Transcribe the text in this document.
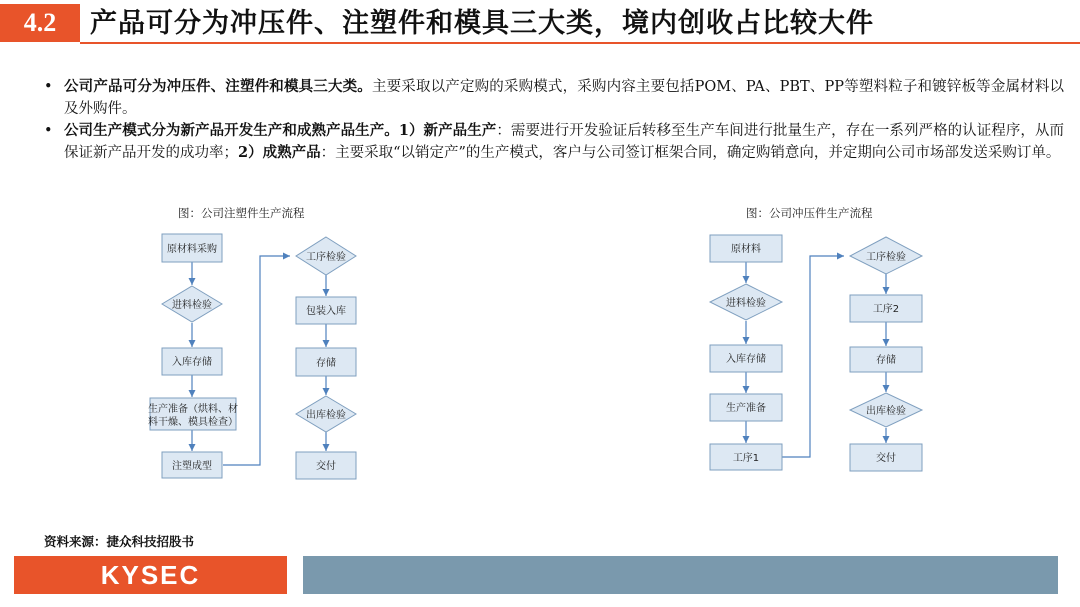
4.2	产品可分为冲压件、注塑件和模具三大类，境内创收占比较大件
• 公司产品可分为冲压件、注塑件和模具三大类。主要采取以产定购的采购模式，采购内容主要包括POM、PA、PBT、PP等塑料粒子和镀锌板等金属材料以及外购件。
• 公司生产模式分为新产品开发生产和成熟产品生产。1）新产品生产：需要进行开发验证后转移至生产车间进行批量生产，存在一系列严格的认证程序，从而保证新产品开发的成功率；2）成熟产品：主要采取“以销定产”的生产模式，客户与公司签订框架合同，确定购销意向，并定期向公司市场部发送采购订单。
图：公司注塑件生产流程
原材料采购
进料检验
入库存储
生产准备（烘料、材
料干燥、模具检查）
注塑成型
工序检验
包装入库
存储
出库检验
交付
图：公司冲压件生产流程
原材料
进料检验
入库存储
生产准备
工序1
工序检验
工序2
存储
出库检验
交付
资料来源：捷众科技招股书
KYSEC
